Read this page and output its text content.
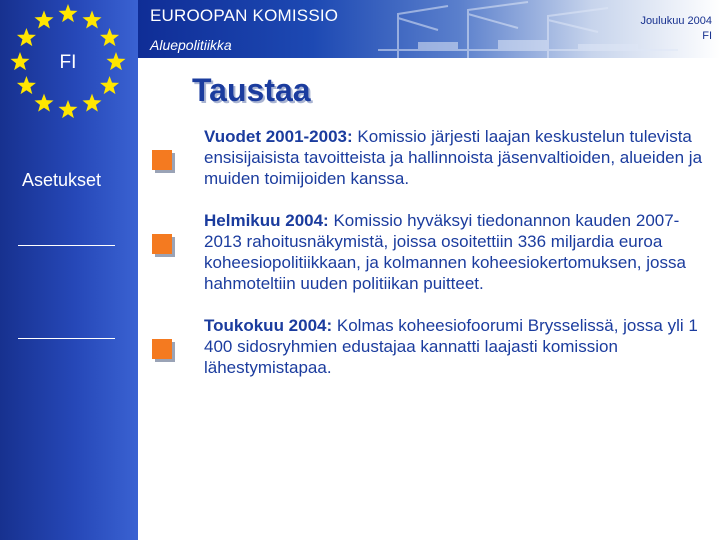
FI
Asetukset
EUROOPAN KOMISSIO
Aluepolitiikka
Joulukuu 2004
FI
Taustaa

Vuodet 2001-2003: Komissio järjesti laajan keskustelun tulevista ensisijaisista tavoitteista ja hallinnoista jäsenvaltioiden, alueiden ja muiden toimijoiden kanssa.

Helmikuu 2004: Komissio hyväksyi tiedonannon kauden 2007-2013 rahoitusnäkymistä, joissa osoitettiin 336 miljardia euroa koheesiopolitiikkaan, ja kolmannen koheesiokertomuksen, jossa hahmoteltiin uuden politiikan puitteet.

Toukokuu 2004: Kolmas koheesiofoorumi Brysselissä, jossa yli 1 400 sidosryhmien edustajaa kannatti laajasti komission lähestymistapaa.
